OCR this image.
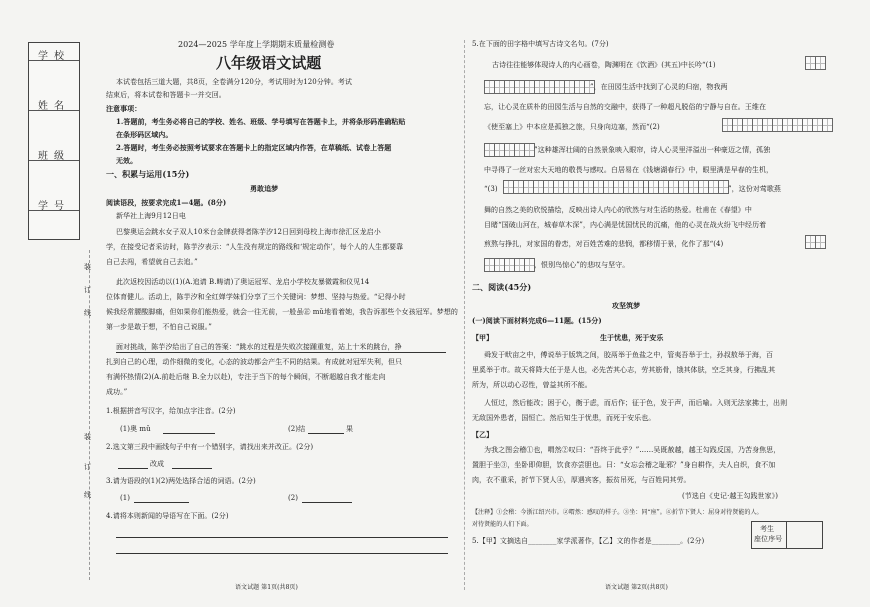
学校
姓名
班级
学号
装
订
线
装
订
线
2024—2025 学年度上学期期末质量检测卷
八年级语文试题
本试卷包括三道大题，共8页，全卷满分120分，考试用时为120分钟。考试
结束后，将本试卷和答题卡一并交回。
注意事项：
1.答题前，考生务必将自己的学校、姓名、班级、学号填写在答题卡上，并将条形码准确粘贴
在条形码区域内。
2.答题时，考生务必按照考试要求在答题卡上的指定区域内作答，在草稿纸、试卷上答题
无效。
一、积累与运用(15分)
勇敢追梦
阅读语段，按要求完成1—4题。(8分)
新华社上海9月12日电
巴黎奥运会跳水女子双人10米台金牌获得者陈芋汐12日回到母校上海市徐汇区龙启小
学，在接受记者采访时，陈芋汐表示：“人生没有规定的路线和‘规定动作’，每个人的人生都要靠
自己去闯，希望就自己去追。”
此次返校因活动以(1)(A.追请 B.畴请)了奥运冠军、龙启小学校友暴微霞和仪见14
位体育健儿。活动上，陈芋汐和全红婵学妹们分享了三个关键词：梦想、坚持与热爱。“记得小时
候我经常腰酸脚痛，但如果你们能热爱，就会一往无前，一般虽㊣ mǔ地看着她，我告诉那些个女孩冠军。梦想的
第一步是敢于想，不怕自己说服。”
面对挑战，陈芋汐给出了自己的答案：“跳水的过程是失败次接踵重复，站上十米的跳台，挣
扎到自己的心理，动作细微的变化，心态的波动都会产生不同的结果。有成就对冠军失利，但只
有满怀热情(2)(A.前赴后继 B.全力以赴)，专注于当下的每个瞬间，不断超越自我才能走向
成功。”
1.根据拼音写汉字，给加点字注音。(2分)
(1)奥 mǔ	(2)结	果
2.选文第三段中画线句子中有一个错别字，请找出来并改正。(2分)
改成
3.请为语段的(1)(2)两处选择合适的词语。(2分)
(1)	(2)
4.请将本则新闻的导语写在下面。(2分)
语文试题 第1页(共8页)
5.在下面的田字格中填写古诗文名句。(7分)
古诗往往能够体现诗人的内心画卷，陶渊明在《饮酒》(其五)中长吟“(1)
”，在田园生活中找到了心灵的归宿，物我两
忘，让心灵在质朴的田园生活与自然的交融中，获得了一种超凡脱俗的宁静与自在。王维在
《使至塞上》中本应是孤独之旅，只身向边塞，然而“(2)
”这种雄浑壮阔的自然景象映入眼帘，诗人心灵里洋溢出一种豪迈之情，孤独
中寻得了一丝对宏大天地的敬畏与感叹。白居易在《钱塘湖春行》中，眼里满是早春的生机，
“(3)	”，这份对莺歌燕
舞的自然之美的欣悦描绘，反映出诗人内心的欣然与对生活的热爱。杜甫在《春望》中
目睹“国破山河在，城春草木深”，内心满是忧国忧民的沉痛，他的心灵在战火纷飞中经历着
煎熬与挣扎，对家国的眷恋，对百姓苦难的悲悯，都移情于景，化作了那“(4)
，恨别鸟惊心”的悲叹与坚守。
二、阅读(45分)
攻坚筑梦
(一)阅读下面材料完成6—11题。(15分)
【甲】	生于忧患，死于安乐
舜发于畎亩之中，傅说举于版筑之间，胶鬲举于鱼盐之中，管夷吾举于士，孙叔敖举于海，百
里奚举于市。故天将降大任于是人也，必先苦其心志，劳其筋骨，饿其体肤，空乏其身，行拂乱其
所为，所以动心忍性，曾益其所不能。
人恒过，然后能改；困于心，衡于虑，而后作；征于色，发于声，而后喻。入则无法家拂士，出则
无敌国外患者，国恒亡。然后知生于忧患，而死于安乐也。
【乙】
为我之图会稽①也，喟然②叹曰：“吾终于此乎？”……吴既赦越，越王勾践反国，乃苦身焦思，
置胆于坐③，坐卧即仰胆，饮食亦尝胆也。曰：“女忘会稽之耻邪？”身自耕作，夫人自织，食不加
肉，衣不重采，折节下贤人④，厚遇宾客，振贫吊死，与百姓同其劳。
(节选自《史记·越王勾践世家》)
【注释】①会稽：今浙江绍兴市。②喟然：感叹的样子。③坐：同“座”。④折节下贤人：屈身对待贤能的人。
对待贤能的人们下面。
5.【甲】文摘选自________家学派著作，【乙】文的作者是________。(2分)
考生
座位序号
语文试题 第2页(共8页)
